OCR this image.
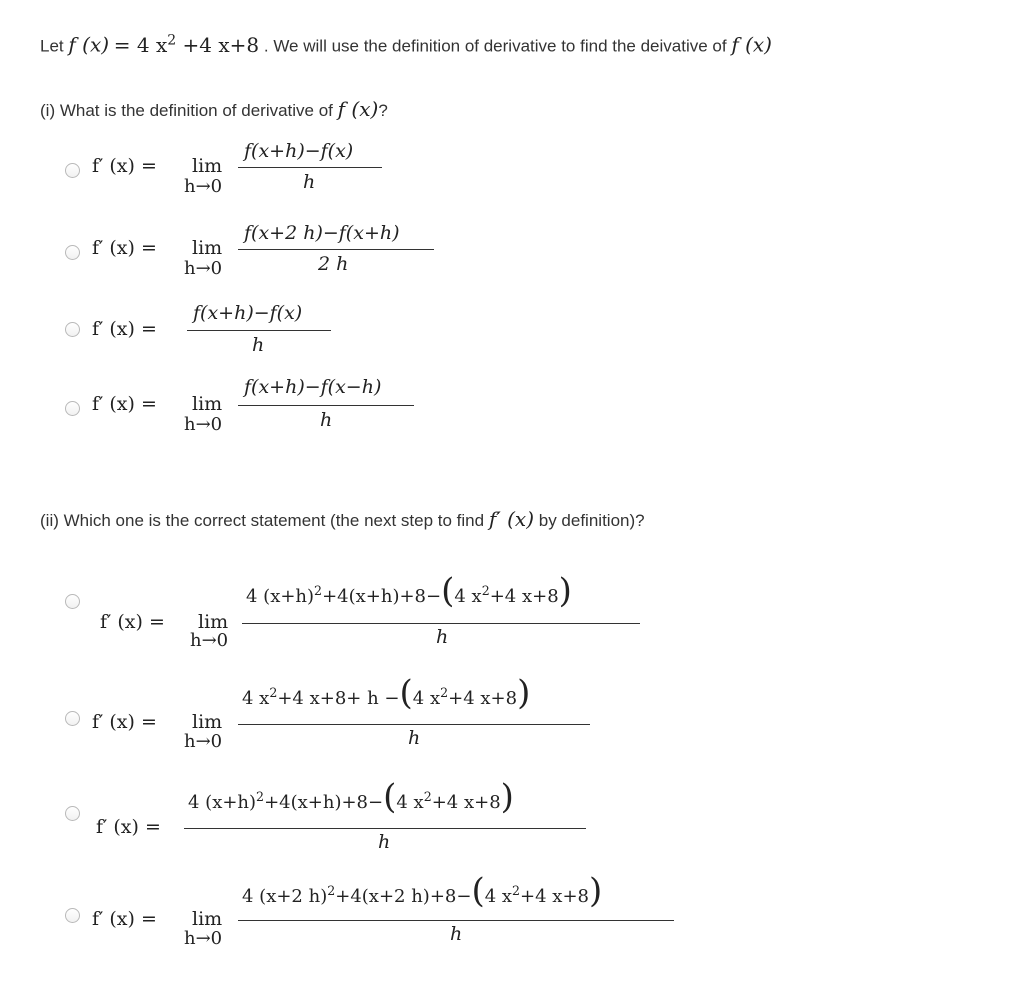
Let f (x) = 4 $x^2 +4$ x+8 . We will use the definition of derivative to find the deivative of f (x)
(i) What is the definition of derivative of f (x)?
f′ (x) = lim
h→0
f(x+h)−f(x)
h
f′ (x) = lim
h→0
f(x+2 h)−f(x+h)
2 h
f′ (x) =
f(x+h)−f(x)
h
f′ (x) = lim
h→0
f(x+h)−f(x−h)
h
(ii) Which one is the correct statement (the next step to find f′ (x) by definition)?
f′ (x) = lim
h→0
4 $(x+h)^2+4(x+h)+8-(4$ $x^2+4$ x+8)
h
f′ (x) = lim
h→0
4 $x^2+4$ x+8+ h −(4 $x^2+4$ x+8)
h
f′ (x) =
4 $(x+h)^2+4(x+h)+8-(4$ $x^2+4$ x+8)
h
f′ (x) = lim
h→0
4 (x+2 h)$^2$+4(x+2 h)+8−(4 $x^2+4$ x+8)
h
